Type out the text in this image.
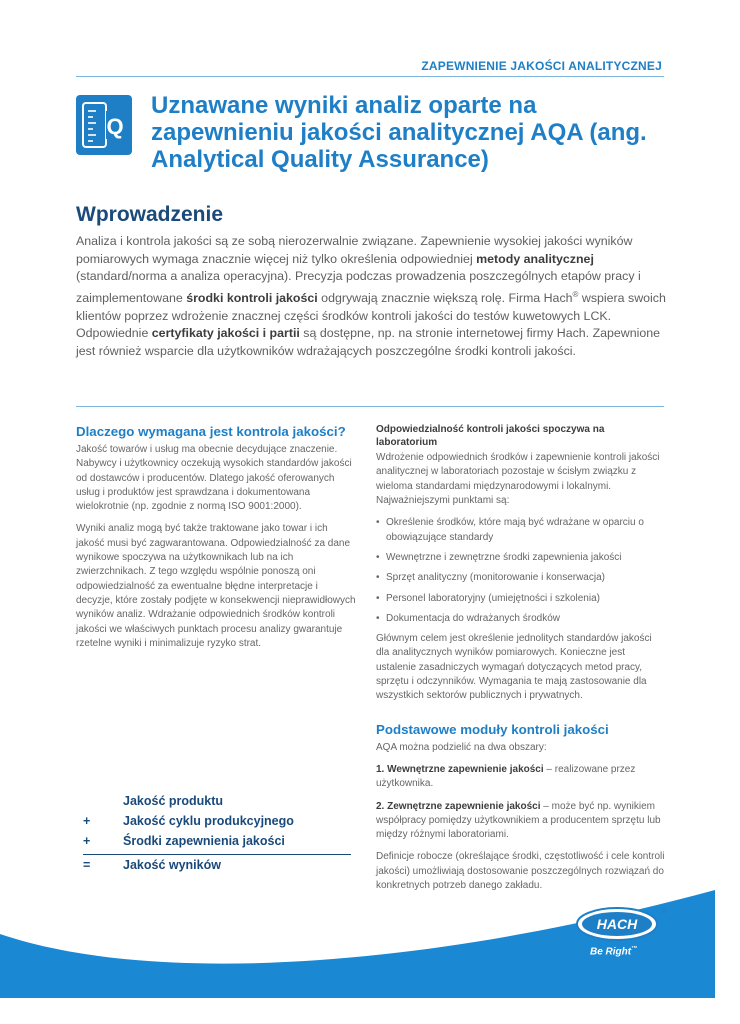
ZAPEWNIENIE JAKOŚCI ANALITYCZNEJ
Q
Uznawane wyniki analiz oparte na zapewnieniu jakości analitycznej AQA (ang. Analytical Quality Assurance)
Wprowadzenie

Analiza i kontrola jakości są ze sobą nierozerwalnie związane. Zapewnienie wysokiej jakości wyników pomiarowych wymaga znacznie więcej niż tylko określenia odpowiedniej metody analitycznej (standard/norma a analiza operacyjna). Precyzja podczas prowadzenia poszczególnych etapów pracy i zaimplementowane środki kontroli jakości odgrywają znacznie większą rolę. Firma Hach® wspiera swoich klientów poprzez wdrożenie znacznej części środków kontroli jakości do testów kuwetowych LCK. Odpowiednie certyfikaty jakości i partii są dostępne, np. na stronie internetowej firmy Hach. Zapewnione jest również wsparcie dla użytkowników wdrażających poszczególne środki kontroli jakości.

Dlaczego wymagana jest kontrola jakości?

Jakość towarów i usług ma obecnie decydujące znaczenie. Nabywcy i użytkownicy oczekują wysokich standardów jakości od dostawców i producentów. Dlatego jakość oferowanych usług i produktów jest sprawdzana i dokumentowana wielokrotnie (np. zgodnie z normą ISO 9001:2000).

Wyniki analiz mogą być także traktowane jako towar i ich jakość musi być zagwarantowana. Odpowiedzialność za dane wynikowe spoczywa na użytkownikach lub na ich zwierzchnikach. Z tego względu wspólnie ponoszą oni odpowiedzialność za ewentualne błędne interpretacje i decyzje, które zostały podjęte w konsekwencji nieprawidłowych wyników analiz. Wdrażanie odpowiednich środków kontroli jakości we właściwych punktach procesu analizy gwarantuje rzetelne wyniki i minimalizuje ryzyko strat.

Odpowiedzialność kontroli jakości spoczywa na laboratorium

Wdrożenie odpowiednich środków i zapewnienie kontroli jakości analitycznej w laboratoriach pozostaje w ścisłym związku z wieloma standardami międzynarodowymi i lokalnymi. Najważniejszymi punktami są:

• Określenie środków, które mają być wdrażane w oparciu o obowiązujące standardy
• Wewnętrzne i zewnętrzne środki zapewnienia jakości
• Sprzęt analityczny (monitorowanie i konserwacja)
• Personel laboratoryjny (umiejętności i szkolenia)
• Dokumentacja do wdrażanych środków

Głównym celem jest określenie jednolitych standardów jakości dla analitycznych wyników pomiarowych. Konieczne jest ustalenie zasadniczych wymagań dotyczących metod pracy, sprzętu i odczynników. Wymagania te mają zastosowanie dla wszystkich sektorów publicznych i prywatnych.

Podstawowe moduły kontroli jakości

AQA można podzielić na dwa obszary:

1. Wewnętrzne zapewnienie jakości – realizowane przez użytkownika.

2. Zewnętrzne zapewnienie jakości – może być np. wynikiem współpracy pomiędzy użytkownikiem a producentem sprzętu lub między różnymi laboratoriami.

Definicje robocze (określające środki, częstotliwość i cele kontroli jakości) umożliwiają dostosowanie poszczególnych rozwiązań do konkretnych potrzeb danego zakładu.

Jakość produktu
+	Jakość cyklu produkcyjnego
+	Środki zapewnienia jakości
=	Jakość wyników
HACH
®
Be Right™
